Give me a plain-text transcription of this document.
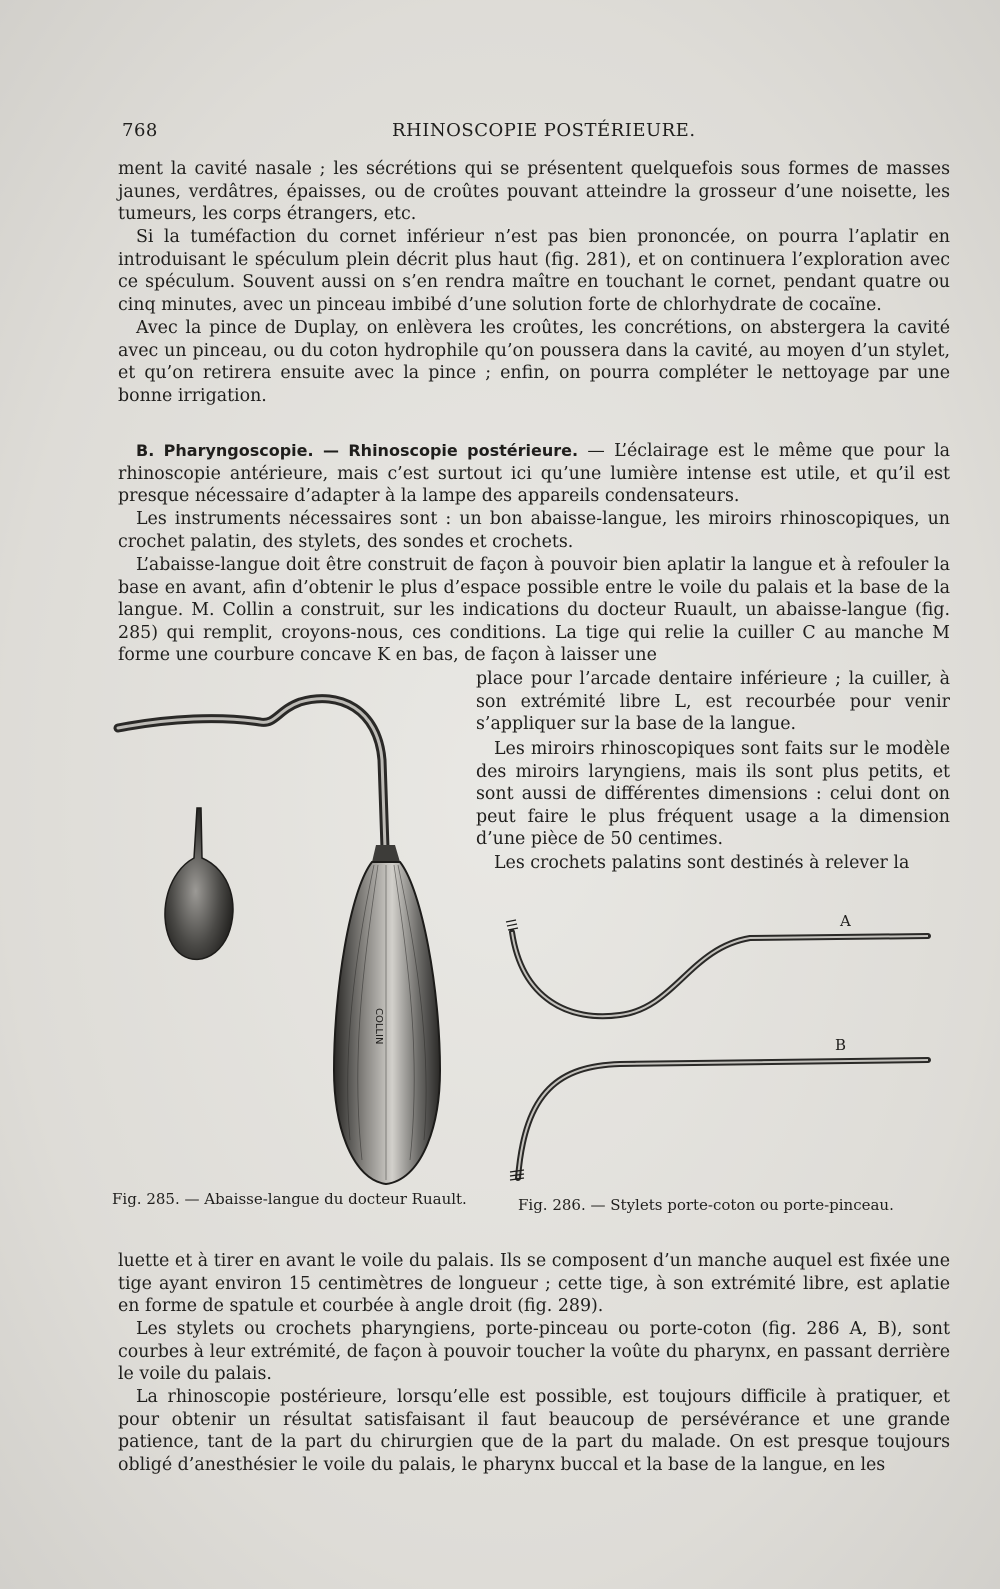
768	RHINOSCOPIE POSTÉRIEURE.

ment la cavité nasale ; les sécrétions qui se présentent quelquefois sous formes de masses jaunes, verdâtres, épaisses, ou de croûtes pouvant atteindre la grosseur d’une noisette, les tumeurs, les corps étrangers, etc.

Si la tuméfaction du cornet inférieur n’est pas bien prononcée, on pourra l’aplatir en introduisant le spéculum plein décrit plus haut (fig. 281), et on continuera l’exploration avec ce spéculum. Souvent aussi on s’en rendra maître en touchant le cornet, pendant quatre ou cinq minutes, avec un pinceau imbibé d’une solution forte de chlorhydrate de cocaïne.

Avec la pince de Duplay, on enlèvera les croûtes, les concrétions, on abstergera la cavité avec un pinceau, ou du coton hydrophile qu’on poussera dans la cavité, au moyen d’un stylet, et qu’on retirera ensuite avec la pince ; enfin, on pourra compléter le nettoyage par une bonne irrigation.

B. Pharyngoscopie. — Rhinoscopie postérieure. — L’éclairage est le même que pour la rhinoscopie antérieure, mais c’est surtout ici qu’une lumière intense est utile, et qu’il est presque nécessaire d’adapter à la lampe des appareils condensateurs.

Les instruments nécessaires sont : un bon abaisse-langue, les miroirs rhinoscopiques, un crochet palatin, des stylets, des sondes et crochets.

L’abaisse-langue doit être construit de façon à pouvoir bien aplatir la langue et à refouler la base en avant, afin d’obtenir le plus d’espace possible entre le voile du palais et la base de la langue. M. Collin a construit, sur les indications du docteur Ruault, un abaisse-langue (fig. 285) qui remplit, croyons-nous, ces conditions. La tige qui relie la cuiller C au manche M forme une courbure concave K en bas, de façon à laisser une

place pour l’arcade dentaire inférieure ; la cuiller, à son extrémité libre L, est recourbée pour venir s’appliquer sur la base de la langue.

Les miroirs rhinoscopiques sont faits sur le modèle des miroirs laryngiens, mais ils sont plus petits, et sont aussi de différentes dimensions : celui dont on peut faire le plus fréquent usage a la dimension d’une pièce de 50 centimes.

Les crochets palatins sont destinés à relever la

COLLIN
Fig. 285. — Abaisse-langue du docteur Ruault.
A
B
Fig. 286. — Stylets porte-coton ou porte-pinceau.

luette et à tirer en avant le voile du palais. Ils se composent d’un manche auquel est fixée une tige ayant environ 15 centimètres de longueur ; cette tige, à son extrémité libre, est aplatie en forme de spatule et courbée à angle droit (fig. 289).

Les stylets ou crochets pharyngiens, porte-pinceau ou porte-coton (fig. 286 A, B), sont courbes à leur extrémité, de façon à pouvoir toucher la voûte du pharynx, en passant derrière le voile du palais.

La rhinoscopie postérieure, lorsqu’elle est possible, est toujours difficile à pratiquer, et pour obtenir un résultat satisfaisant il faut beaucoup de persévérance et une grande patience, tant de la part du chirurgien que de la part du malade. On est presque toujours obligé d’anesthésier le voile du palais, le pharynx buccal et la base de la langue, en les
